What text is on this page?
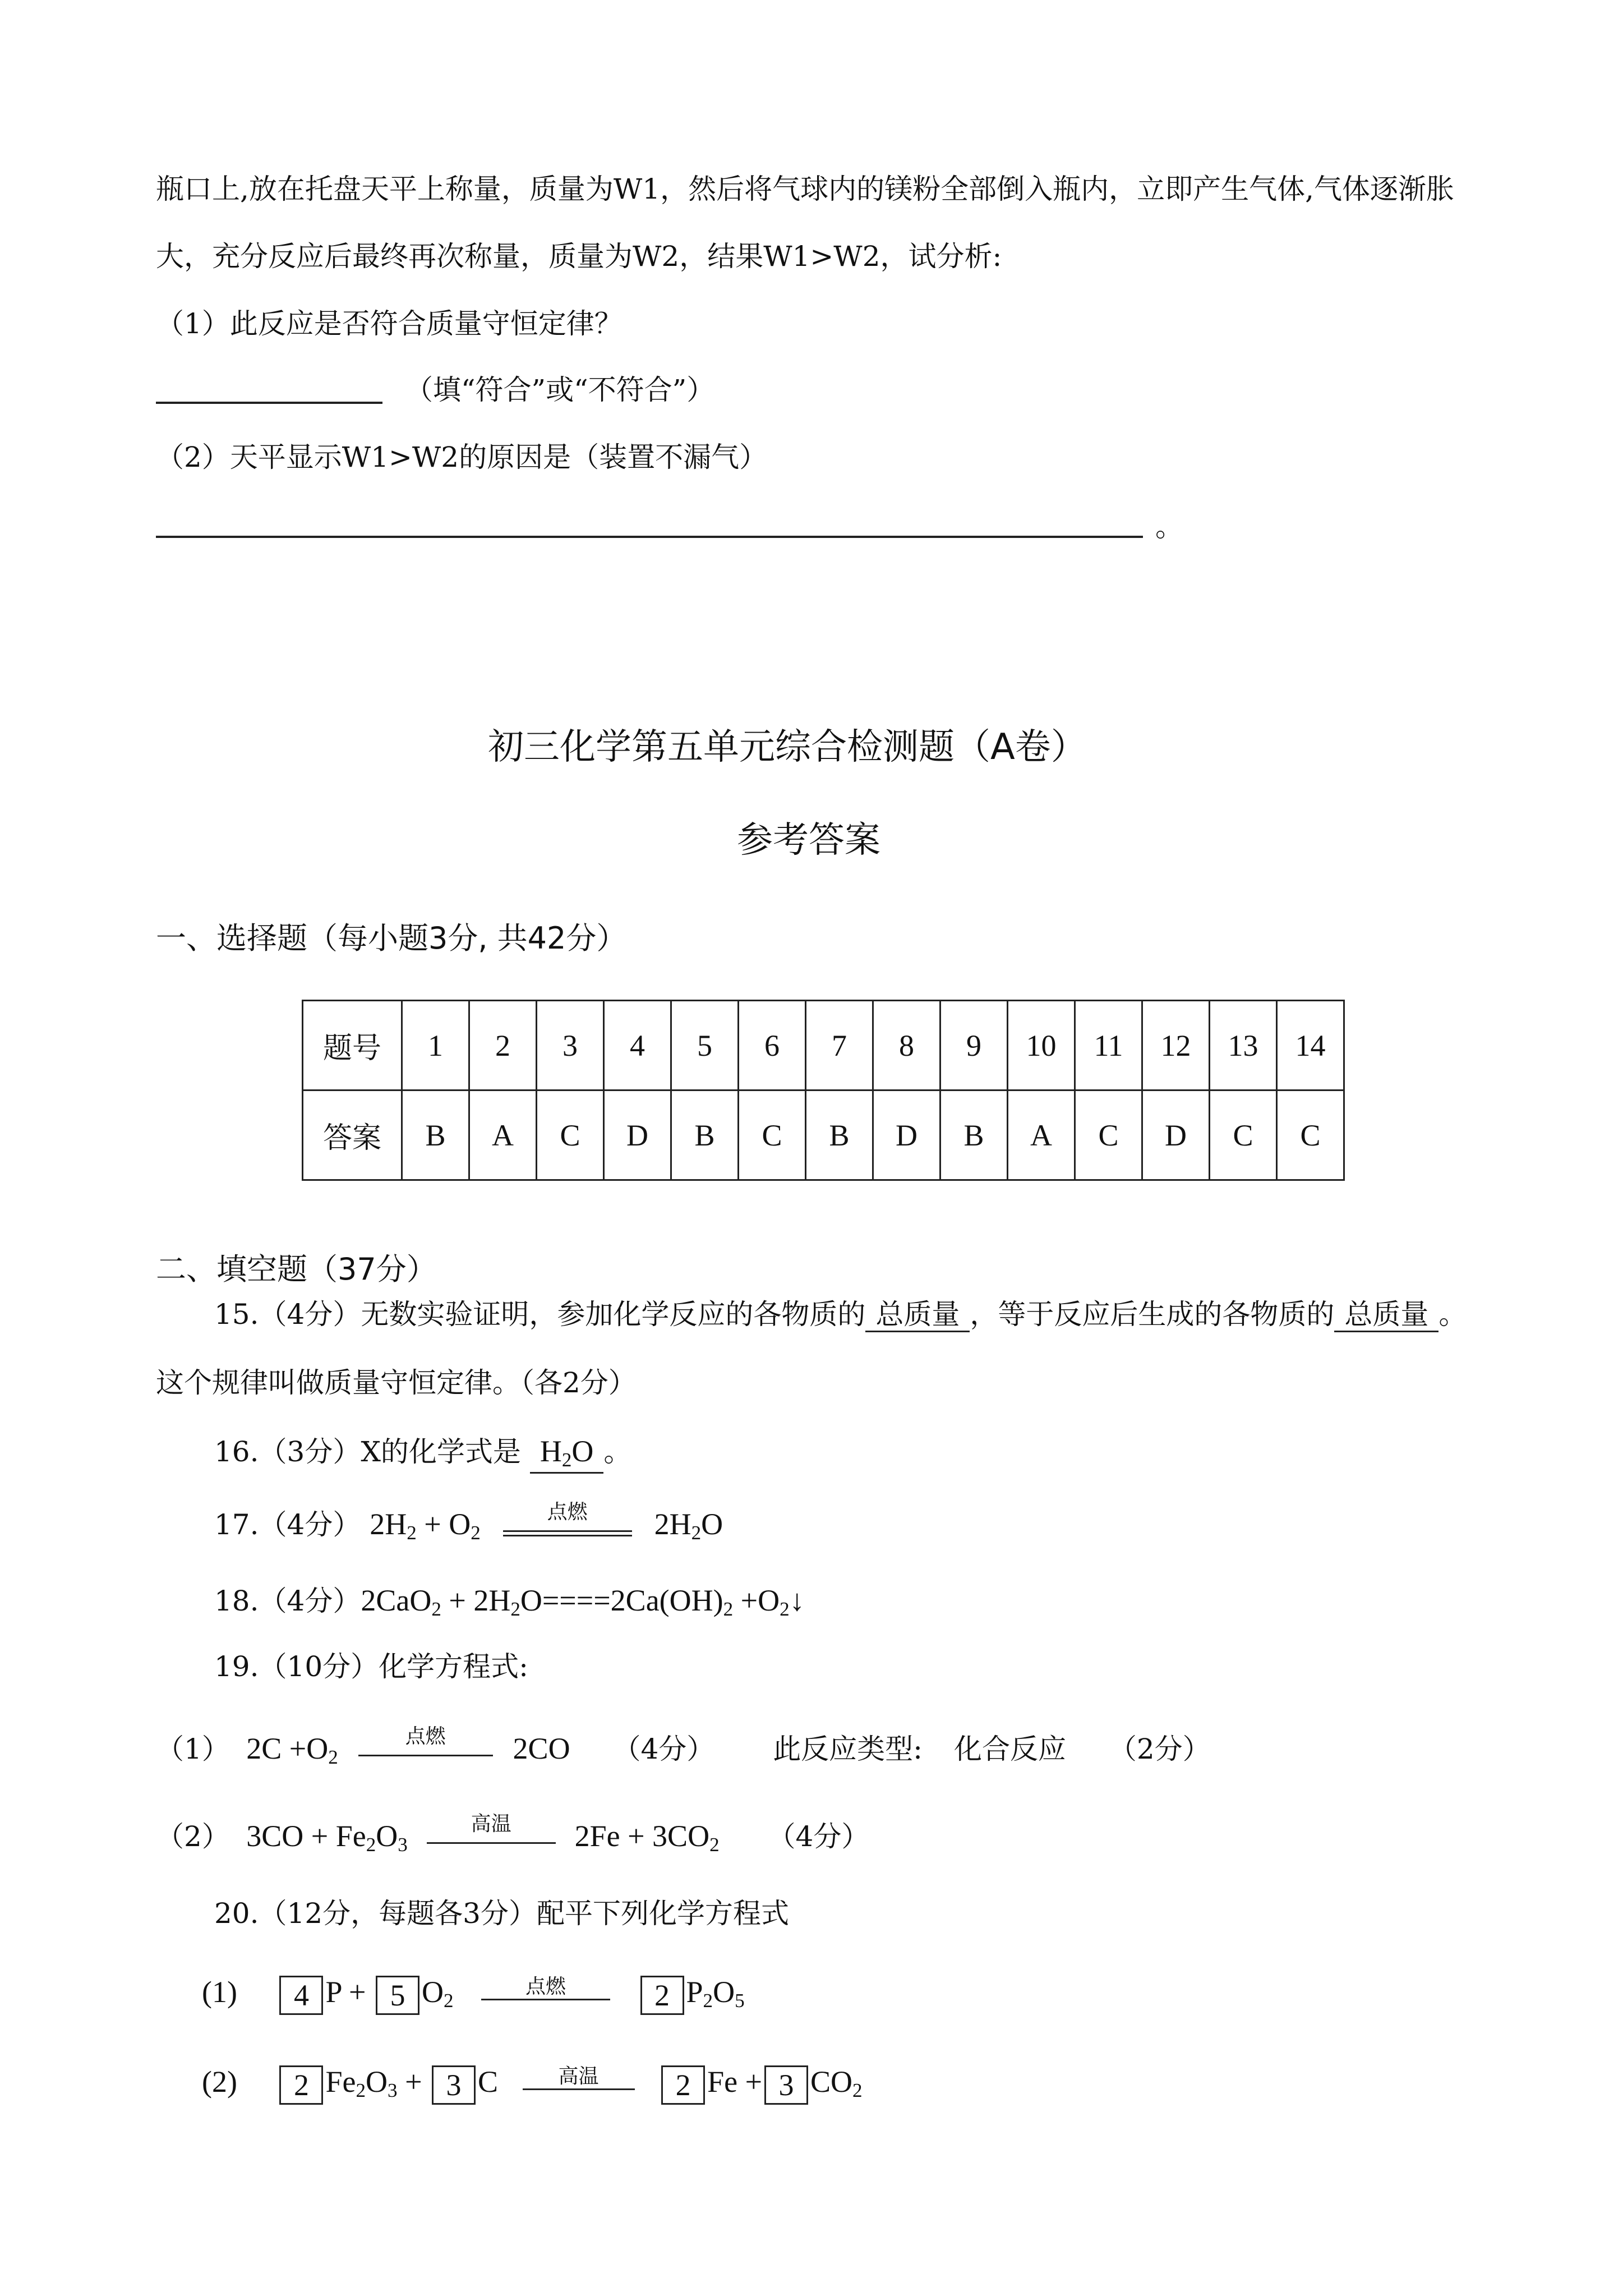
瓶口上,放在托盘天平上称量，质量为W1，然后将气球内的镁粉全部倒入瓶内，立即产生气体,气体逐渐胀
大，充分反应后最终再次称量，质量为W2，结果W1>W2，试分析:
（1）此反应是否符合质量守恒定律？
（填“符合”或“不符合”）
（2）天平显示W1>W2的原因是（装置不漏气）
。
初三化学第五单元综合检测题（A卷）
参考答案
一、选择题（每小题3分, 共42分）
题号	1	2	3	4	5	6	7	8	9	10	11	12	13	14
答案	B	A	C	D	B	C	B	D	B	A	C	D	C	C
二、填空题（37分）
15.（4分）无数实验证明，参加化学反应的各物质的 总质量 ，等于反应后生成的各物质的 总质量 。
这个规律叫做质量守恒定律。（各2分）
16.（3分）X的化学式是 $H_2O$ 。
17.（4分） $2H_2 + O_2$
点燃	$2H_2O$
18.（4分）$2CaO_2 + 2H_2O====2Ca(OH)_2$ $+O_2↓$
19.（10分）化学方程式:
（1）  $2C +O_2$
点燃	2CO （4分） 此反应类型: 化合反应 （2分）
（2）  $3CO + Fe_2O_3$
高温	$2Fe + 3CO_2$ （4分）
20.（12分，每题各3分）配平下列化学方程式
(1) 4 P + 5 $O_2$
点燃	2 $P_2O_5$
(2) 2 $Fe_2O_3 + 3$ C	高温	2 Fe + 3 $CO_2$
